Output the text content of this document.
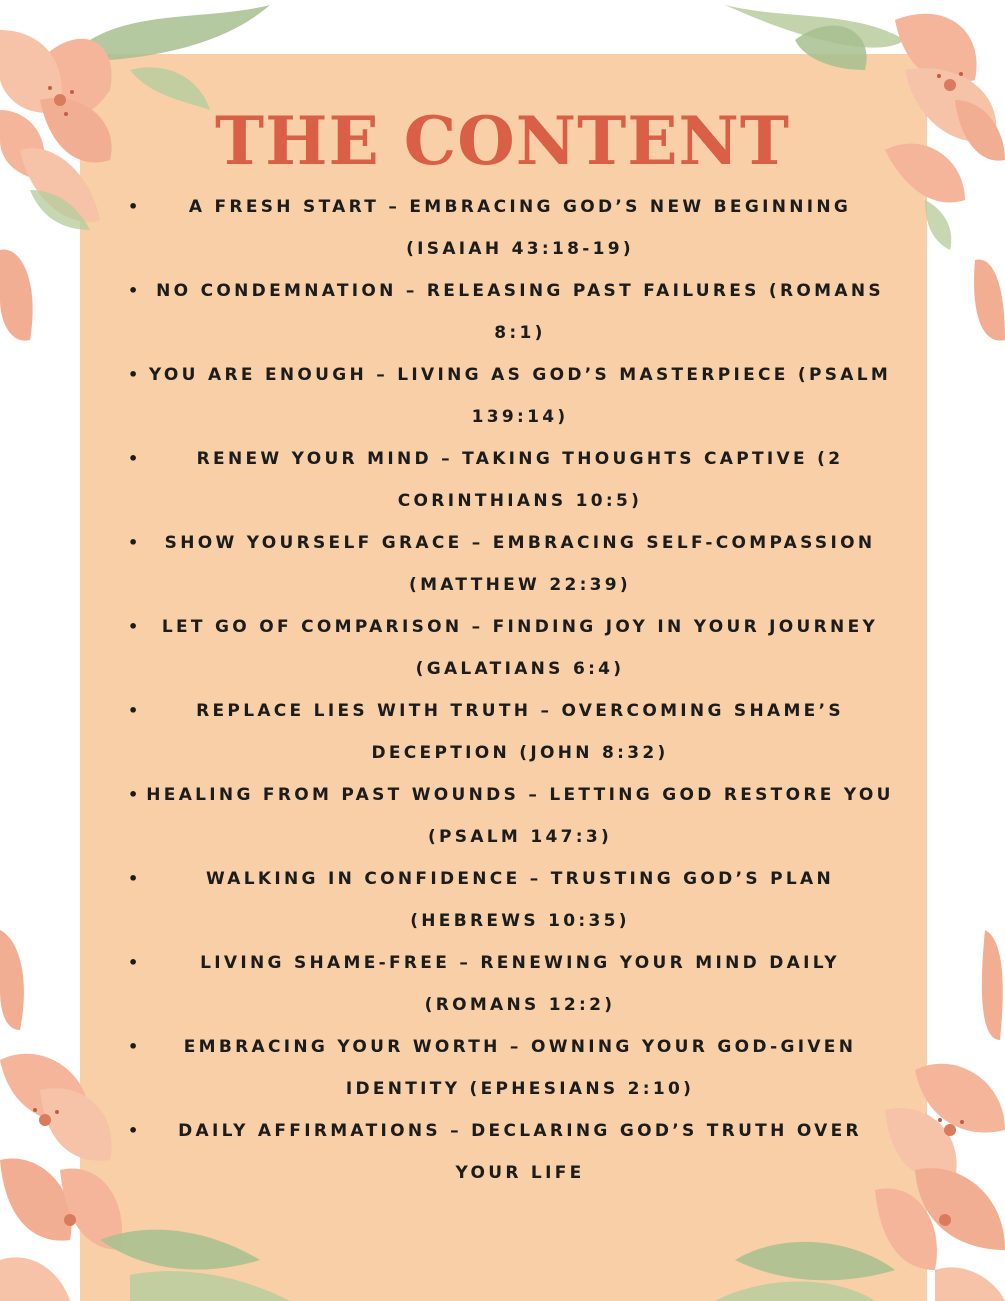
THE CONTENT
•	A FRESH START – EMBRACING GOD’S NEW BEGINNING (ISAIAH 43:18-19)
• NO CONDEMNATION – RELEASING PAST FAILURES (ROMANS 8:1)
• YOU ARE ENOUGH – LIVING AS GOD’S MASTERPIECE (PSALM 139:14)
•	RENEW YOUR MIND – TAKING THOUGHTS CAPTIVE (2 CORINTHIANS 10:5)
• SHOW YOURSELF GRACE – EMBRACING SELF-COMPASSION (MATTHEW 22:39)
• LET GO OF COMPARISON – FINDING JOY IN YOUR JOURNEY (GALATIANS 6:4)
•	REPLACE LIES WITH TRUTH – OVERCOMING SHAME’S DECEPTION (JOHN 8:32)
• HEALING FROM PAST WOUNDS – LETTING GOD RESTORE YOU (PSALM 147:3)
•	WALKING IN CONFIDENCE – TRUSTING GOD’S PLAN (HEBREWS 10:35)
•	LIVING SHAME-FREE – RENEWING YOUR MIND DAILY (ROMANS 12:2)
• EMBRACING YOUR WORTH – OWNING YOUR GOD-GIVEN IDENTITY (EPHESIANS 2:10)
• DAILY AFFIRMATIONS – DECLARING GOD’S TRUTH OVER YOUR LIFE
